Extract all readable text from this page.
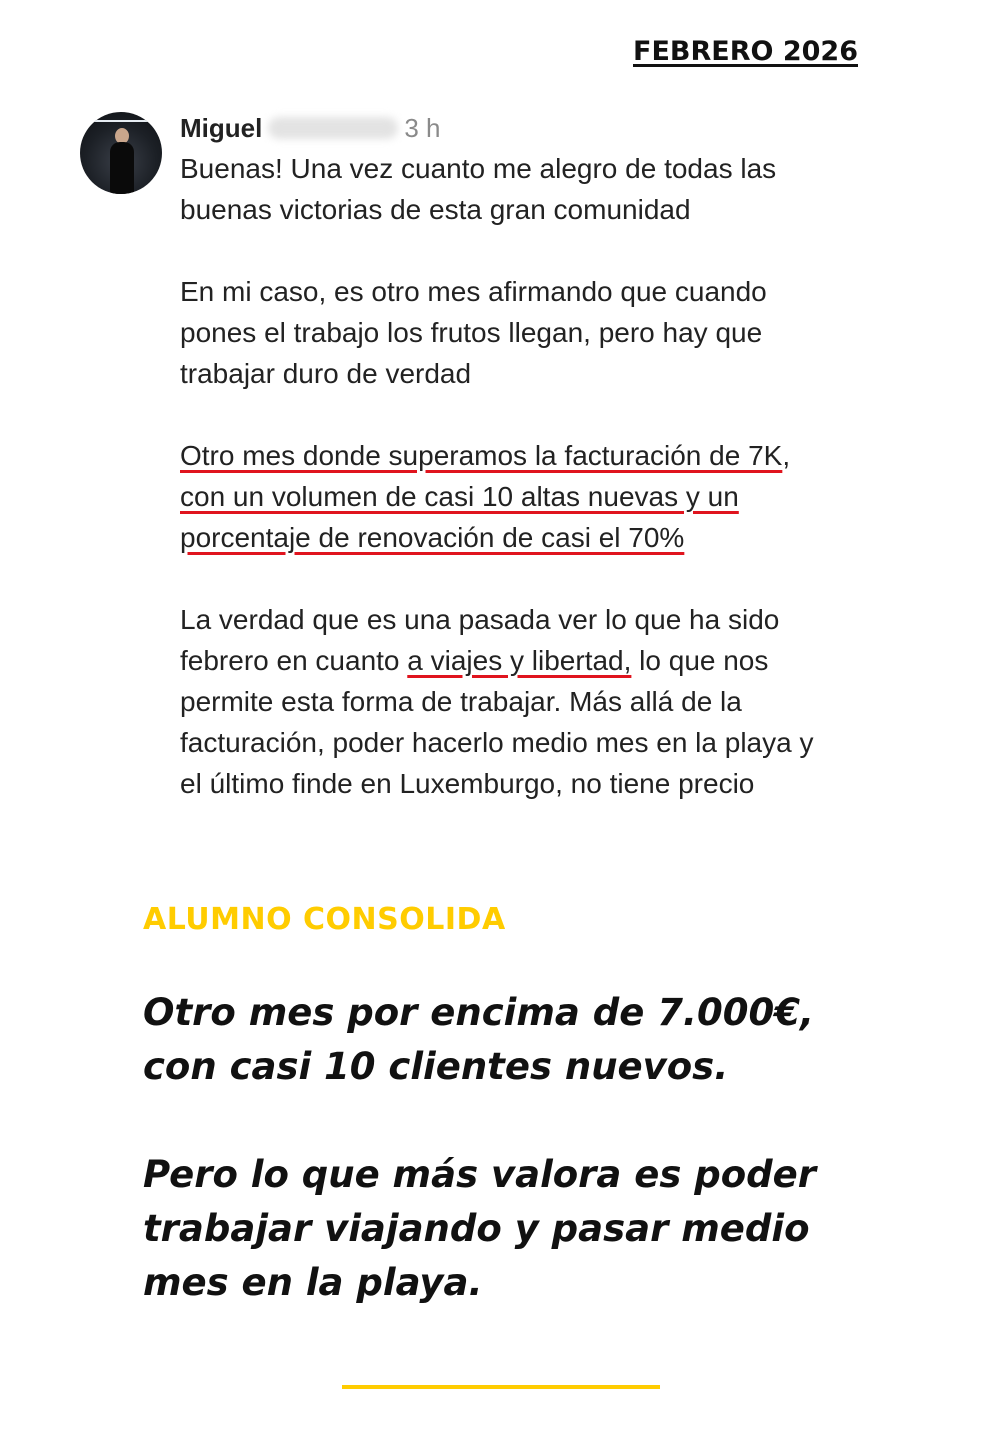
FEBRERO 2026
Miguel	3 h
Buenas! Una vez cuanto me alegro de todas las
buenas victorias de esta gran comunidad
En mi caso, es otro mes afirmando que cuando
pones el trabajo los frutos llegan, pero hay que
trabajar duro de verdad
Otro mes donde superamos la facturación de 7K,
con un volumen de casi 10 altas nuevas y un
porcentaje de renovación de casi el 70%
La verdad que es una pasada ver lo que ha sido
febrero en cuanto a viajes y libertad, lo que nos
permite esta forma de trabajar. Más allá de la
facturación, poder hacerlo medio mes en la playa y
el último finde en Luxemburgo, no tiene precio
ALUMNO CONSOLIDA

Otro mes por encima de 7.000€,
con casi 10 clientes nuevos.

Pero lo que más valora es poder
trabajar viajando y pasar medio
mes en la playa.
